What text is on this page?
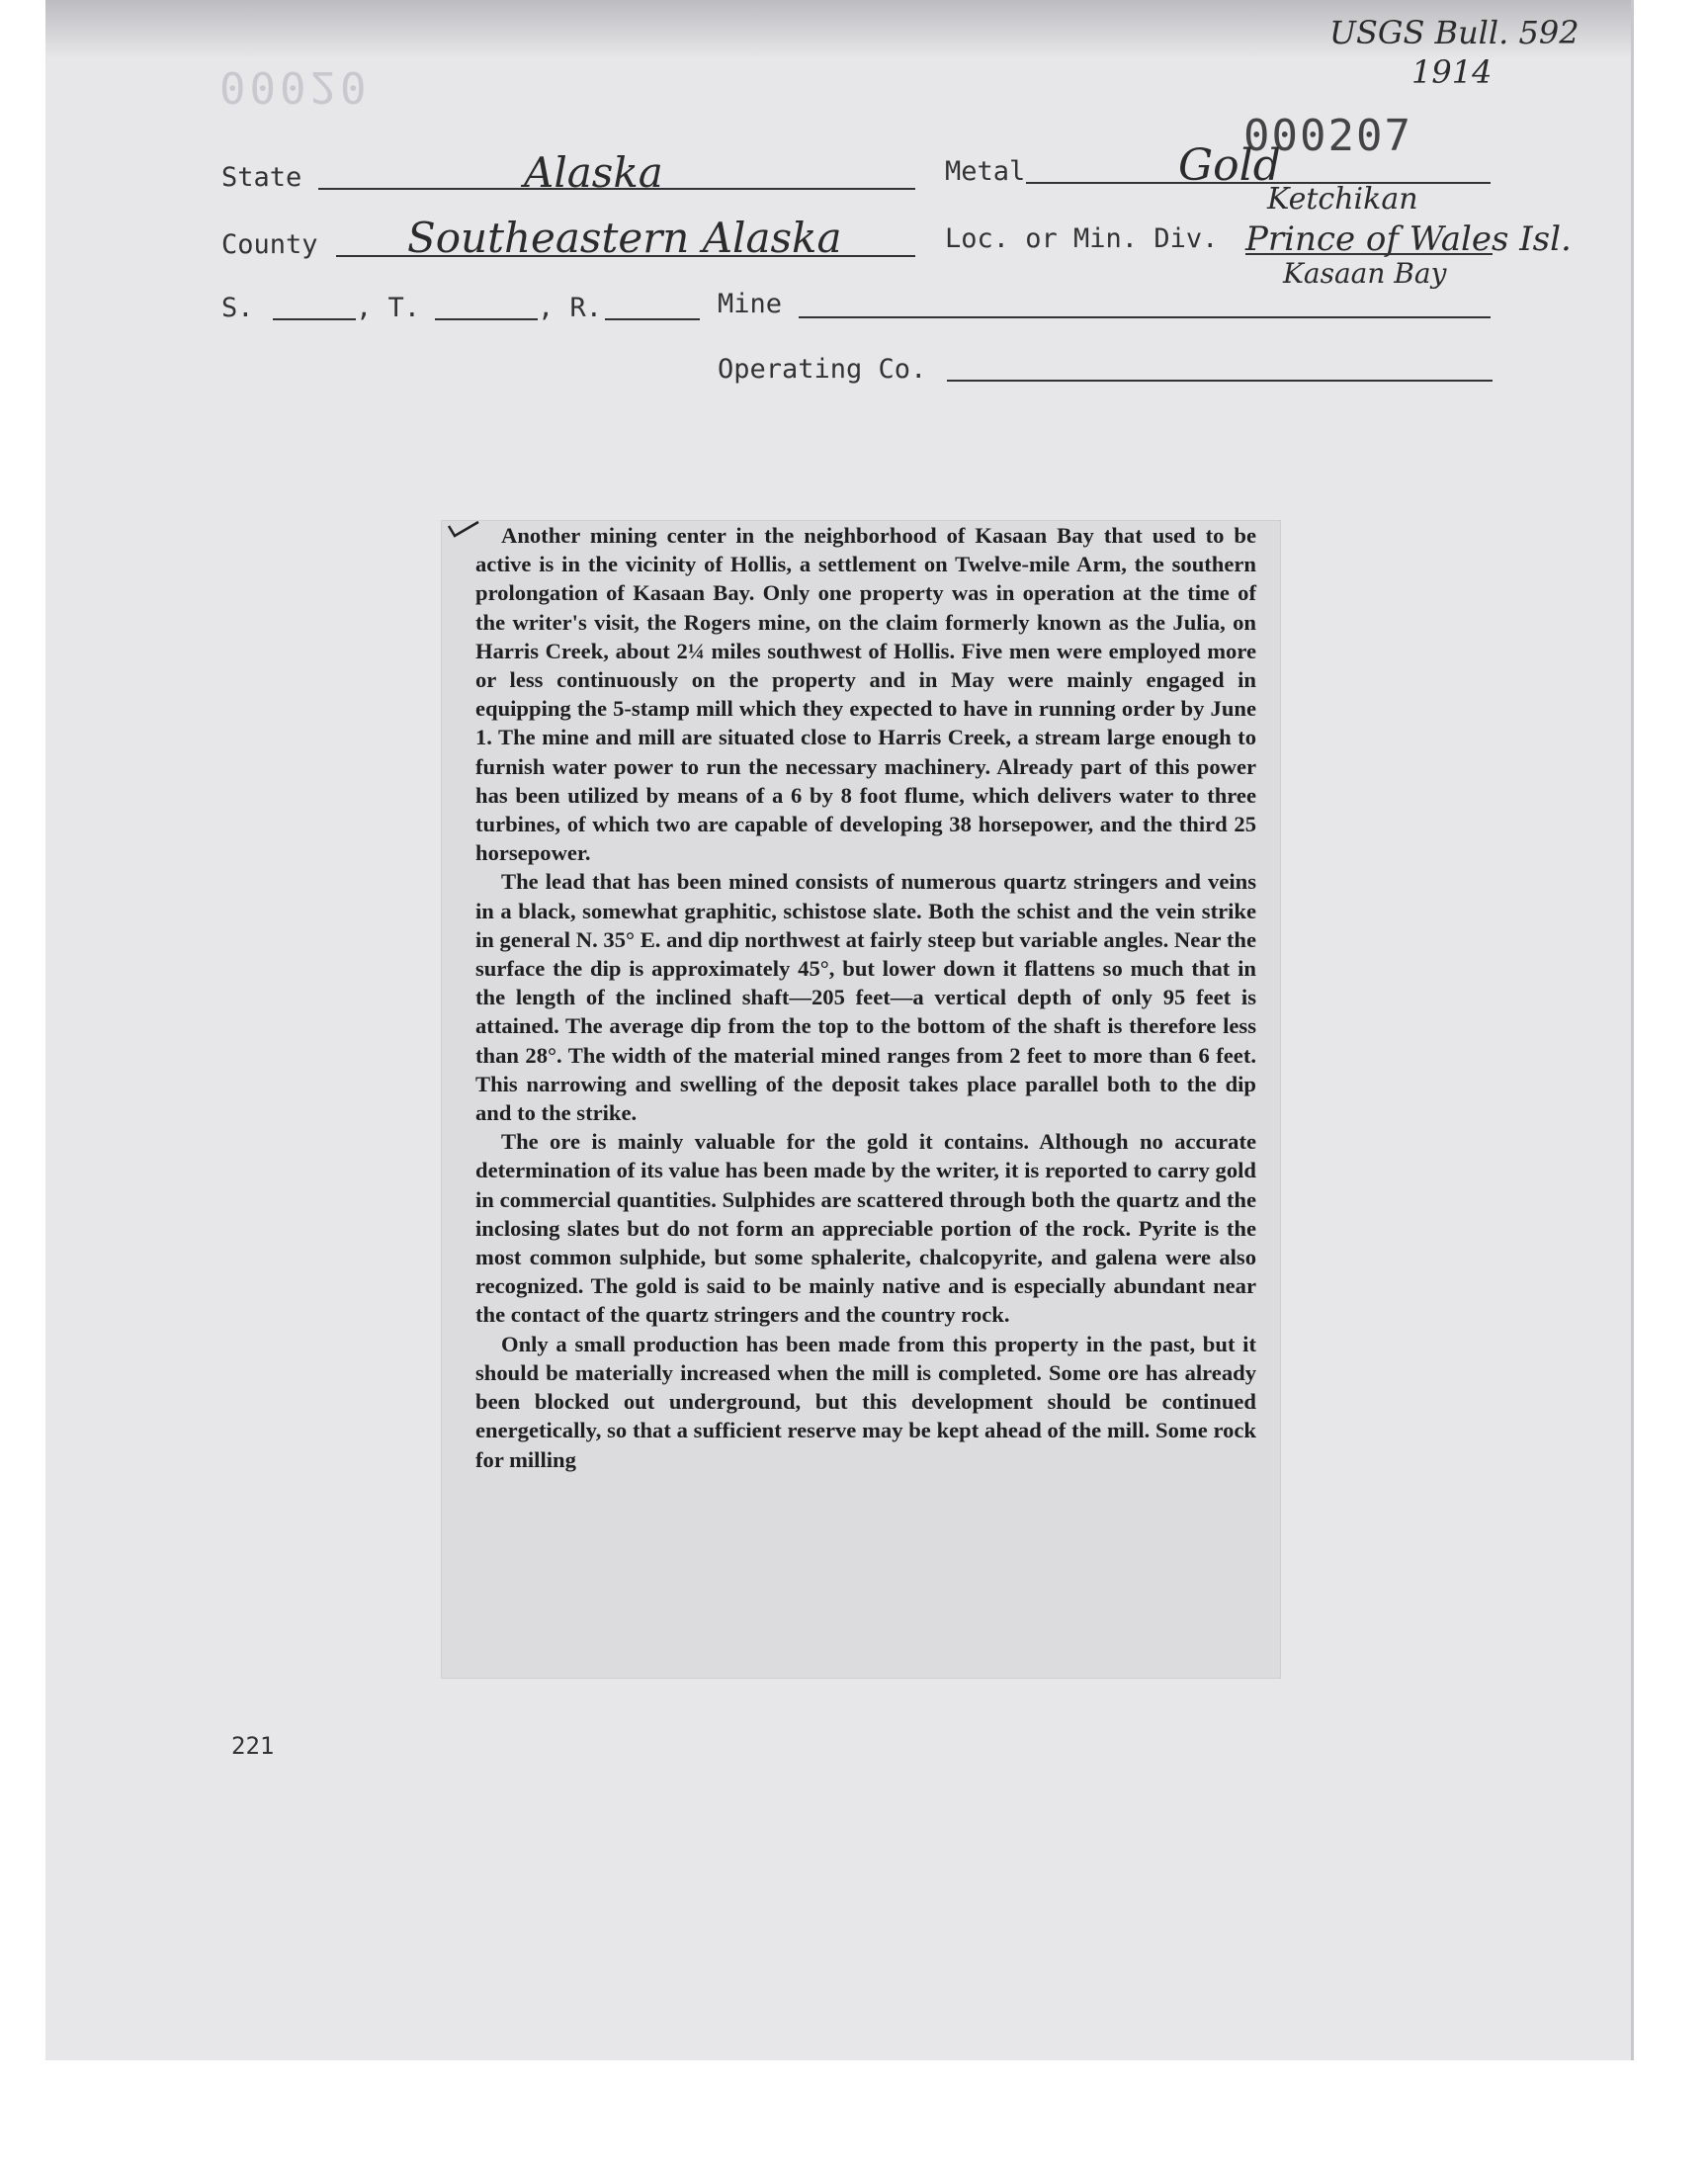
00020
USGS Bull. 592
1914
000207
State	Alaska	Metal	Gold
County Southeastern Alaska	Loc. or Min. Div.
Ketchikan
Prince of Wales Isl.
Kasaan Bay
S.	, T.	, R.	Mine
Operating Co.

Another mining center in the neighborhood of Kasaan Bay that used to be active is in the vicinity of Hollis, a settlement on Twelve-mile Arm, the southern prolongation of Kasaan Bay. Only one property was in operation at the time of the writer's visit, the Rogers mine, on the claim formerly known as the Julia, on Harris Creek, about 2¼ miles southwest of Hollis. Five men were employed more or less continuously on the property and in May were mainly engaged in equipping the 5-stamp mill which they expected to have in running order by June 1. The mine and mill are situated close to Harris Creek, a stream large enough to furnish water power to run the necessary machinery. Already part of this power has been utilized by means of a 6 by 8 foot flume, which delivers water to three turbines, of which two are capable of developing 38 horsepower, and the third 25 horsepower.

The lead that has been mined consists of numerous quartz stringers and veins in a black, somewhat graphitic, schistose slate. Both the schist and the vein strike in general N. 35° E. and dip northwest at fairly steep but variable angles. Near the surface the dip is approximately 45°, but lower down it flattens so much that in the length of the inclined shaft—205 feet—a vertical depth of only 95 feet is attained. The average dip from the top to the bottom of the shaft is therefore less than 28°. The width of the material mined ranges from 2 feet to more than 6 feet. This narrowing and swelling of the deposit takes place parallel both to the dip and to the strike.

The ore is mainly valuable for the gold it contains. Although no accurate determination of its value has been made by the writer, it is reported to carry gold in commercial quantities. Sulphides are scattered through both the quartz and the inclosing slates but do not form an appreciable portion of the rock. Pyrite is the most common sulphide, but some sphalerite, chalcopyrite, and galena were also recognized. The gold is said to be mainly native and is especially abundant near the contact of the quartz stringers and the country rock.

Only a small production has been made from this property in the past, but it should be materially increased when the mill is completed. Some ore has already been blocked out underground, but this development should be continued energetically, so that a sufficient reserve may be kept ahead of the mill. Some rock for milling

221
